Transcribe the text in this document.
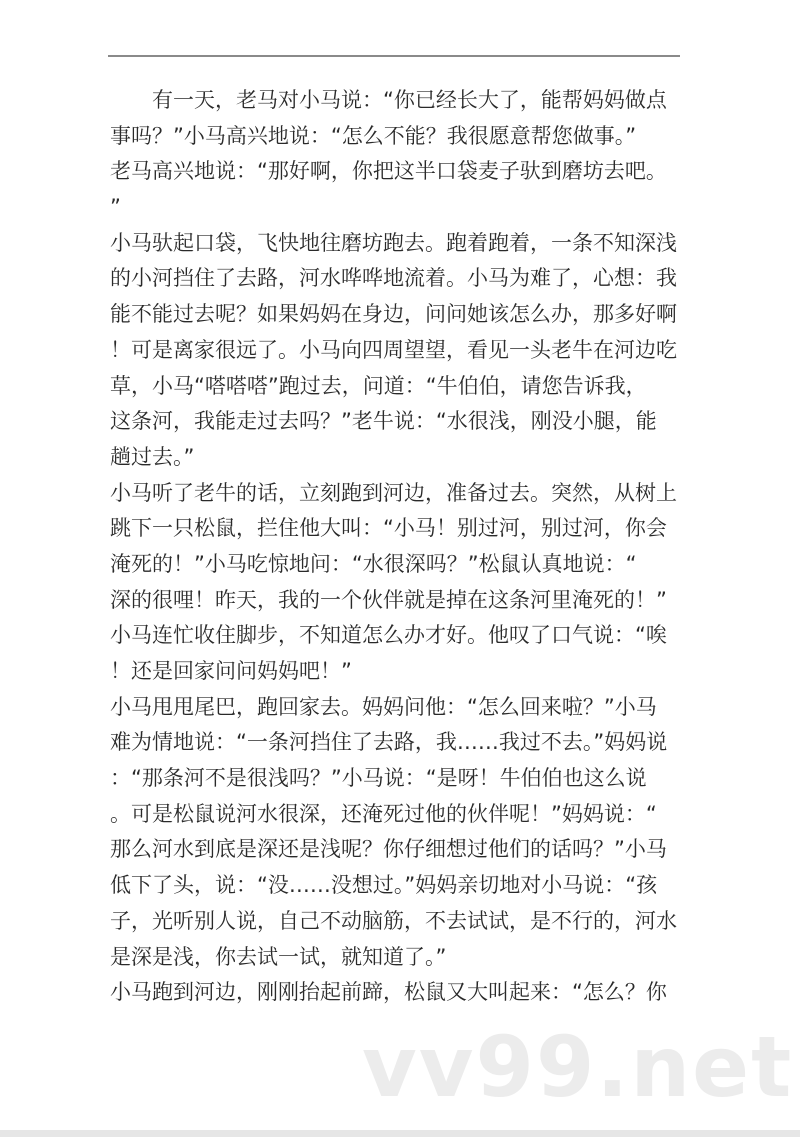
　　有一天，老马对小马说：“你已经长大了，能帮妈妈做点
事吗？”小马高兴地说：“怎么不能？我很愿意帮您做事。”
老马高兴地说：“那好啊，你把这半口袋麦子驮到磨坊去吧。
”
小马驮起口袋，飞快地往磨坊跑去。跑着跑着，一条不知深浅
的小河挡住了去路，河水哗哗地流着。小马为难了，心想：我
能不能过去呢？如果妈妈在身边，问问她该怎么办，那多好啊
！可是离家很远了。小马向四周望望，看见一头老牛在河边吃
草，小马“嗒嗒嗒”跑过去，问道：“牛伯伯，请您告诉我，
这条河，我能走过去吗？”老牛说：“水很浅，刚没小腿，能
趟过去。”
小马听了老牛的话，立刻跑到河边，准备过去。突然，从树上
跳下一只松鼠，拦住他大叫：“小马！别过河，别过河，你会
淹死的！”小马吃惊地问：“水很深吗？”松鼠认真地说：“
深的很哩！昨天，我的一个伙伴就是掉在这条河里淹死的！”
小马连忙收住脚步，不知道怎么办才好。他叹了口气说：“唉
！还是回家问问妈妈吧！”
小马甩甩尾巴，跑回家去。妈妈问他：“怎么回来啦？”小马
难为情地说：“一条河挡住了去路，我……我过不去。”妈妈说
：“那条河不是很浅吗？”小马说：“是呀！牛伯伯也这么说
。可是松鼠说河水很深，还淹死过他的伙伴呢！”妈妈说：“
那么河水到底是深还是浅呢？你仔细想过他们的话吗？”小马
低下了头，说：“没……没想过。”妈妈亲切地对小马说：“孩
子，光听别人说，自己不动脑筋，不去试试，是不行的，河水
是深是浅，你去试一试，就知道了。”
小马跑到河边，刚刚抬起前蹄，松鼠又大叫起来：“怎么？你
vv99.net
